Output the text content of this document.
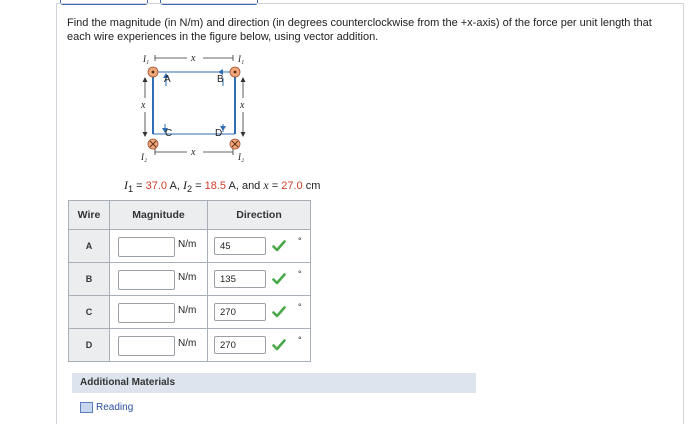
Find the magnitude (in N/m) and direction (in degrees counterclockwise from the +x-axis) of the force per unit length that each wire experiences in the figure below, using vector addition.
I₁	I₁
I₂	I₂
x
x
x	x
A	B
C	D
$I_1 = 37.0$ A, $I_2 = 18.5$ A, and x = 27.0 cm
Wire	Magnitude	Direction
A	N/m	45 °

B	N/m	135 °

C	N/m	270 °

D	N/m	270 °
Additional Materials
Reading
